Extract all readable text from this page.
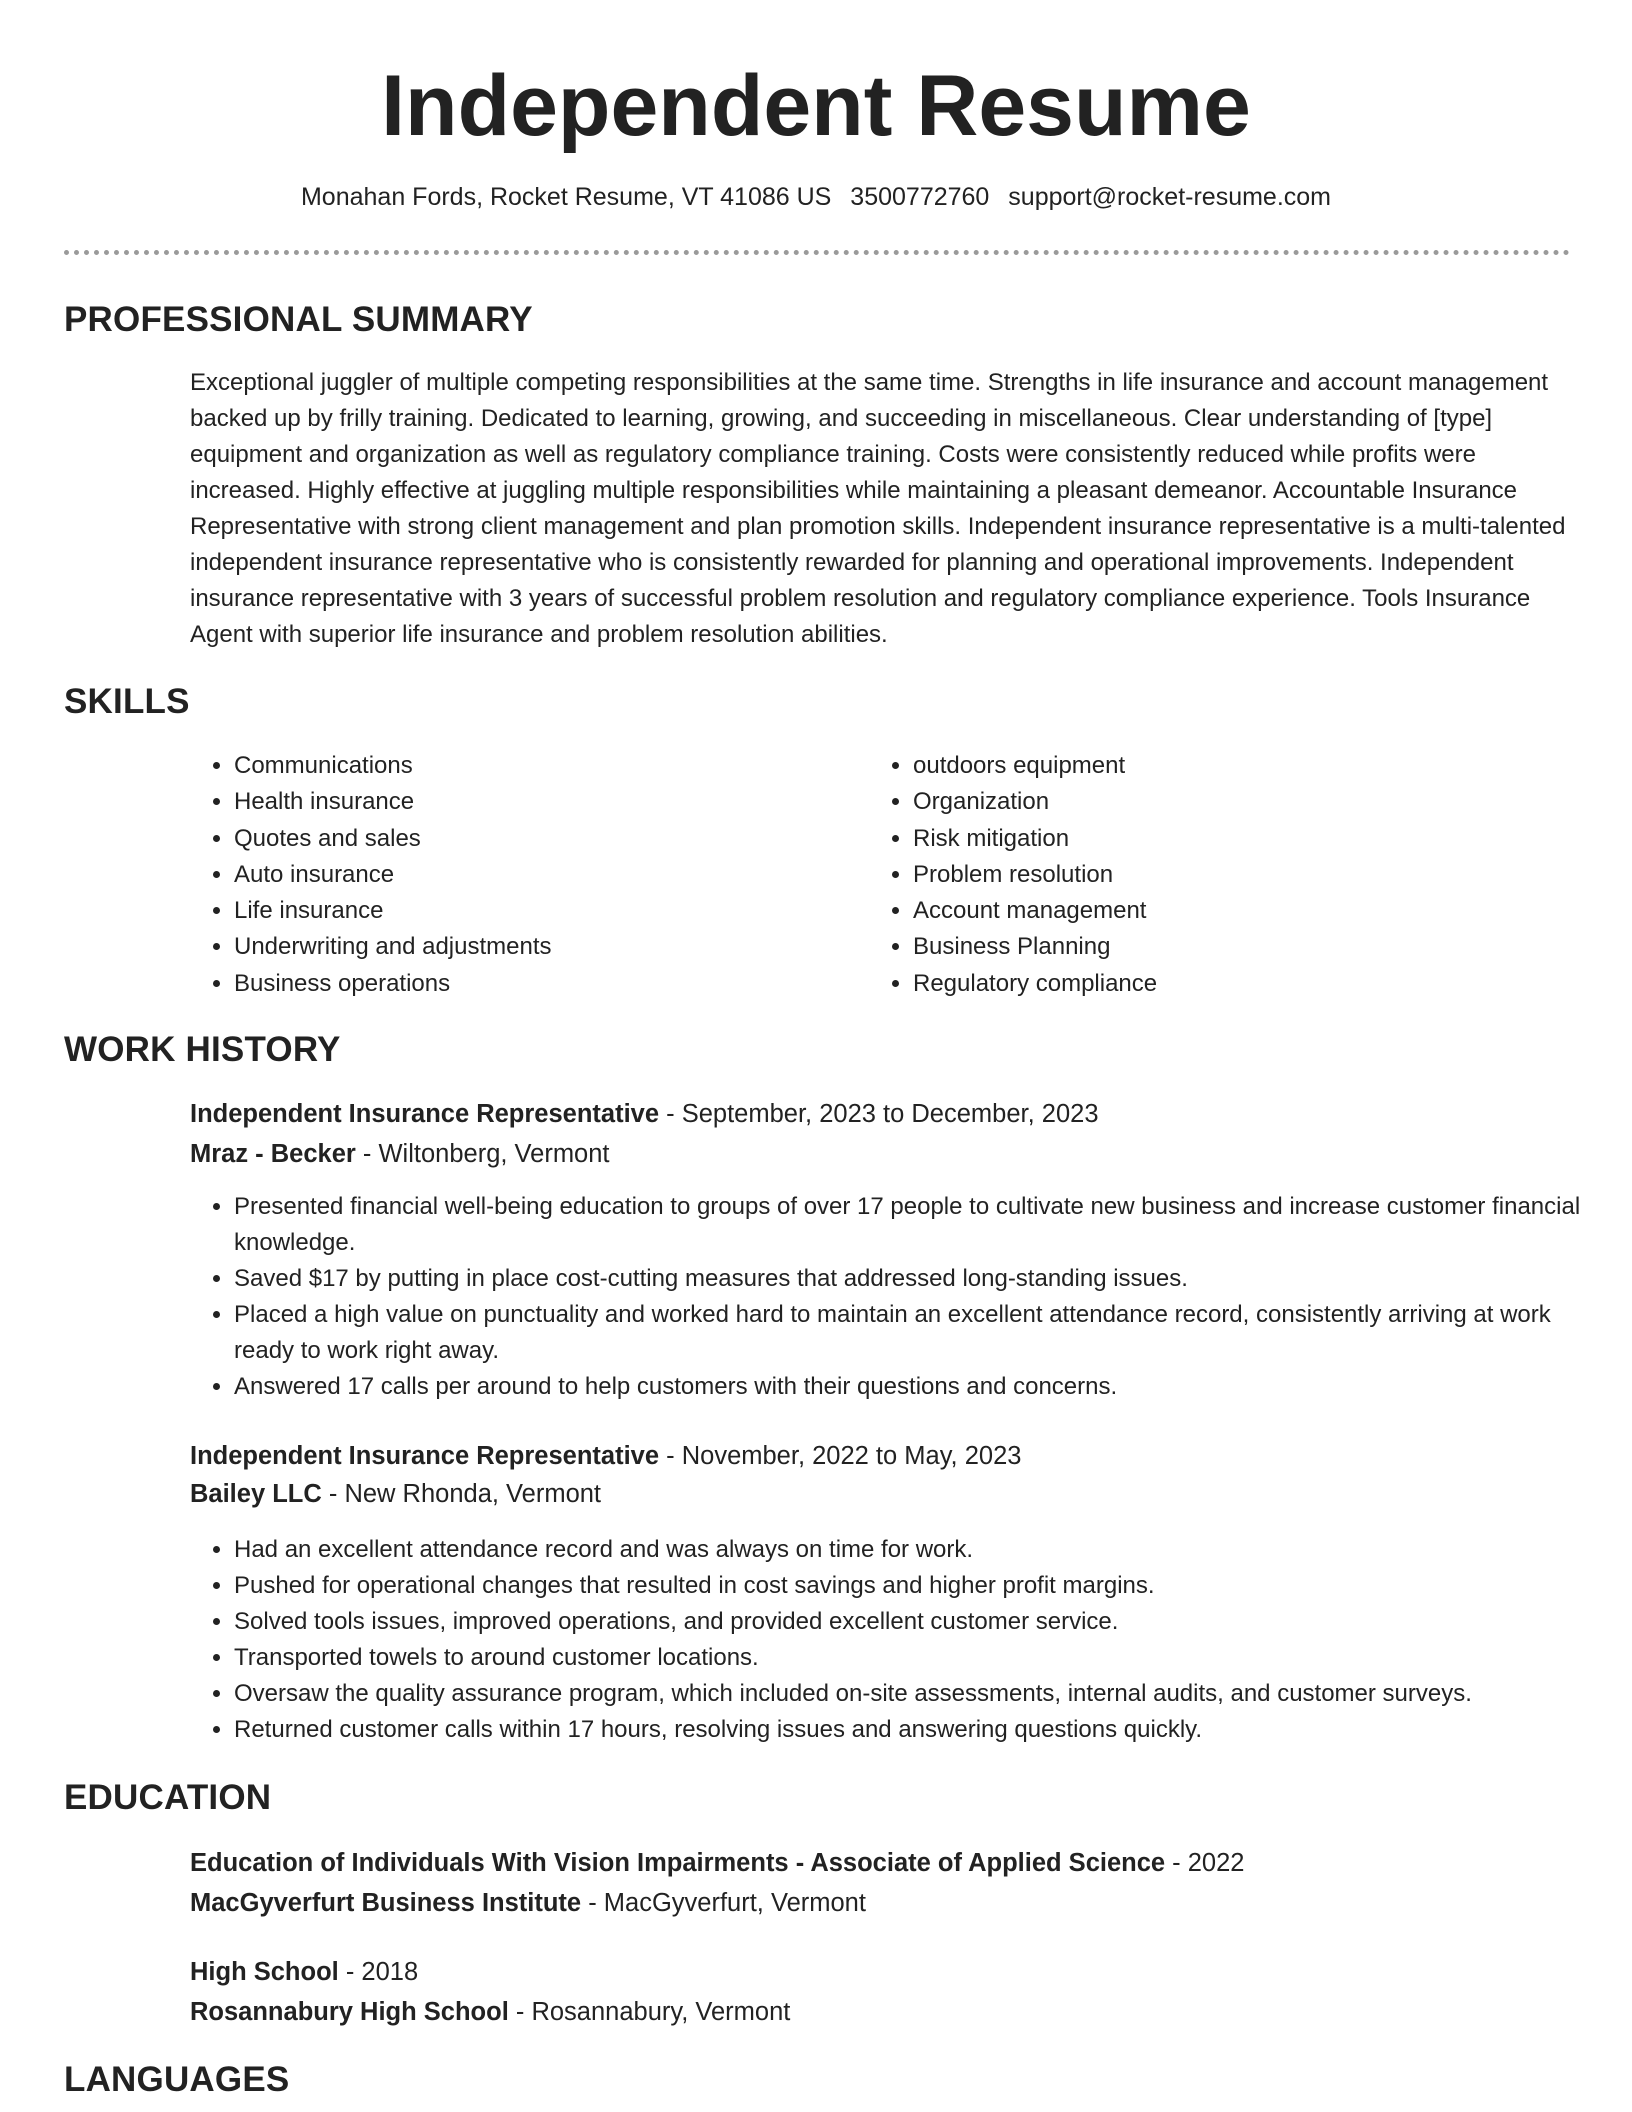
Independent Resume
Monahan Fords, Rocket Resume, VT 41086 US 3500772760 support@rocket-resume.com
PROFESSIONAL SUMMARY

Exceptional juggler of multiple competing responsibilities at the same time. Strengths in life insurance and account management backed up by frilly training. Dedicated to learning, growing, and succeeding in miscellaneous. Clear understanding of [type] equipment and organization as well as regulatory compliance training. Costs were consistently reduced while profits were increased. Highly effective at juggling multiple responsibilities while maintaining a pleasant demeanor. Accountable Insurance Representative with strong client management and plan promotion skills. Independent insurance representative is a multi-talented independent insurance representative who is consistently rewarded for planning and operational improvements. Independent insurance representative with 3 years of successful problem resolution and regulatory compliance experience. Tools Insurance Agent with superior life insurance and problem resolution abilities.

SKILLS
• Communications
• Health insurance
• Quotes and sales
• Auto insurance
• Life insurance
• Underwriting and adjustments
• Business operations
• outdoors equipment
• Organization
• Risk mitigation
• Problem resolution
• Account management
• Business Planning
• Regulatory compliance
WORK HISTORY
Independent Insurance Representative - September, 2023 to December, 2023
Mraz - Becker - Wiltonberg, Vermont
• Presented financial well-being education to groups of over 17 people to cultivate new business and increase customer financial knowledge.
• Saved $17 by putting in place cost-cutting measures that addressed long-standing issues.
• Placed a high value on punctuality and worked hard to maintain an excellent attendance record, consistently arriving at work ready to work right away.
• Answered 17 calls per around to help customers with their questions and concerns.
Independent Insurance Representative - November, 2022 to May, 2023
Bailey LLC - New Rhonda, Vermont
• Had an excellent attendance record and was always on time for work.
• Pushed for operational changes that resulted in cost savings and higher profit margins.
• Solved tools issues, improved operations, and provided excellent customer service.
• Transported towels to around customer locations.
• Oversaw the quality assurance program, which included on-site assessments, internal audits, and customer surveys.
• Returned customer calls within 17 hours, resolving issues and answering questions quickly.
EDUCATION
Education of Individuals With Vision Impairments - Associate of Applied Science - 2022
MacGyverfurt Business Institute - MacGyverfurt, Vermont
High School - 2018
Rosannabury High School - Rosannabury, Vermont
LANGUAGES
